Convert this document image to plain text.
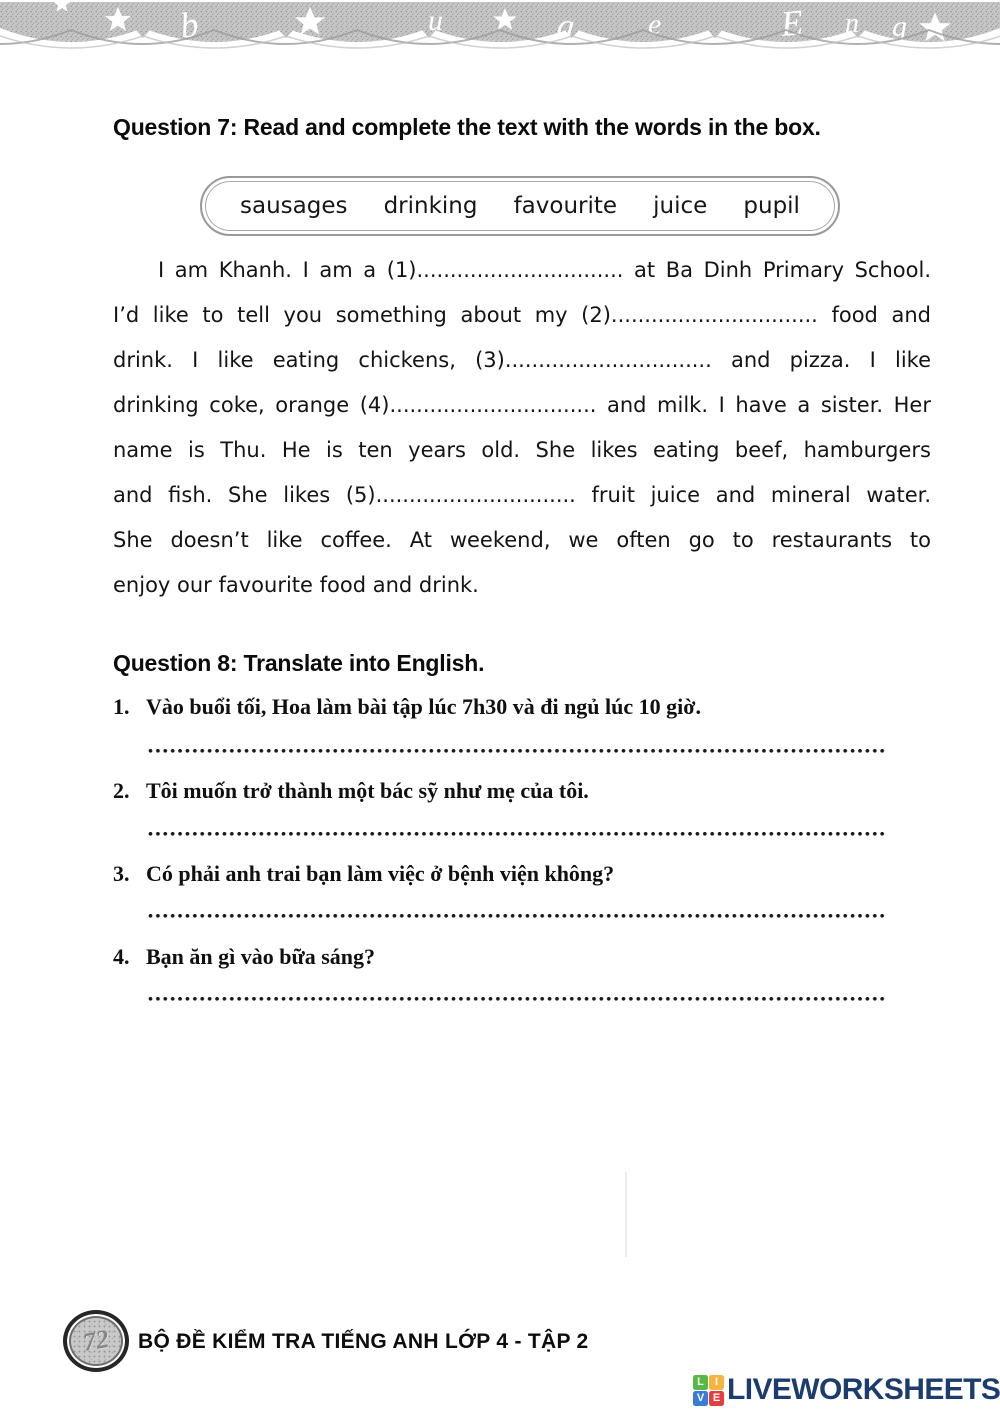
b	u	g e	E n g
Question 7: Read and complete the text with the words in the box.
sausages drinking favourite juice pupil
I am Khanh. I am a (1)............................... at Ba Dinh Primary School.
I’d like to tell you something about my (2)............................... food and
drink. I like eating chickens, (3)............................... and pizza. I like
drinking coke, orange (4)............................... and milk. I have a sister. Her
name is Thu. He is ten years old. She likes eating beef, hamburgers
and fish. She likes (5).............................. fruit juice and mineral water.
She doesn’t like coffee. At weekend, we often go to restaurants to
enjoy our favourite food and drink.
Question 8: Translate into English.
1. Vào buổi tối, Hoa làm bài tập lúc 7h30 và đi ngủ lúc 10 giờ.
2. Tôi muốn trở thành một bác sỹ như mẹ của tôi.
3. Có phải anh trai bạn làm việc ở bệnh viện không?
4. Bạn ăn gì vào bữa sáng?
72 BỘ ĐỀ KIỂM TRA TIẾNG ANH LỚP 4 - TẬP 2
L	I
V E LIVEWORKSHEETS
